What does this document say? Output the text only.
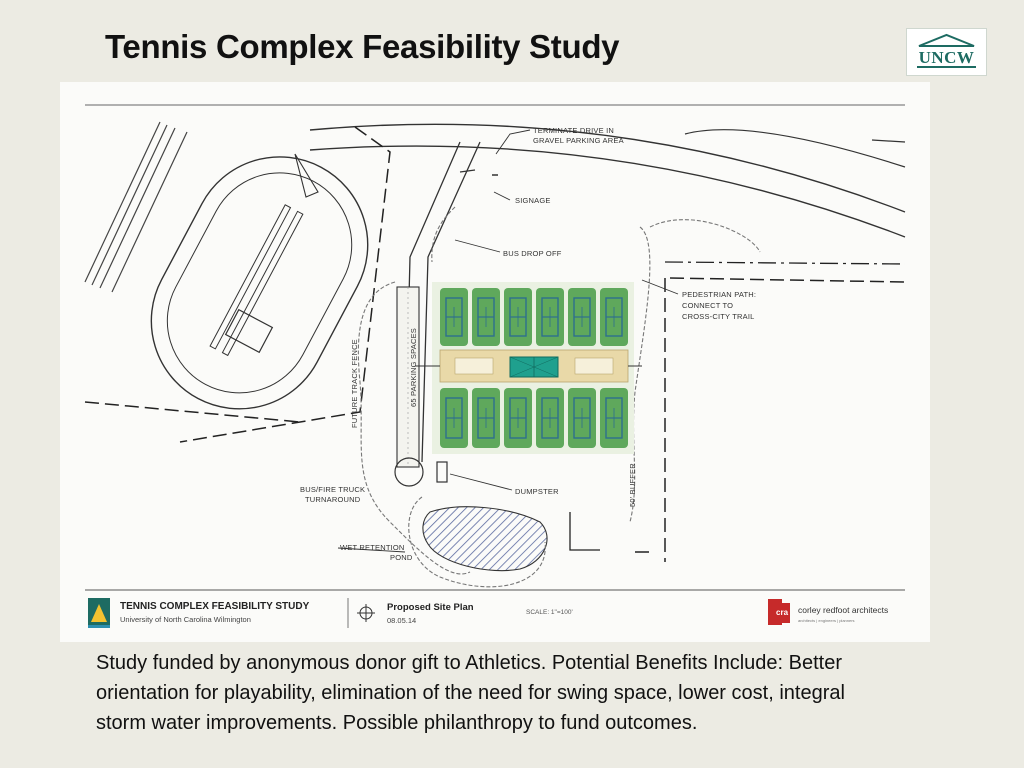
Tennis Complex Feasibility Study	UNCW
TERMINATE DRIVE IN
GRAVEL PARKING AREA
SIGNAGE
BUS DROP OFF
PEDESTRIAN PATH:
CONNECT TO
CROSS-CITY TRAIL
BUS/FIRE TRUCK
TURNAROUND
DUMPSTER
WET RETENTION
POND
FUTURE TRACK FENCE	65 PARKING SPACES
50' BUFFER
TENNIS COMPLEX FEASIBILITY STUDY
University of North Carolina Wilmington
Proposed Site Plan
08.05.14
SCALE: 1"=100'	cra corley redfoot architects
architects | engineers | planners

Study funded by anonymous donor gift to Athletics. Potential Benefits Include: Better orientation for playability, elimination of the need for swing space, lower cost, integral storm water improvements. Possible philanthropy to fund outcomes.
